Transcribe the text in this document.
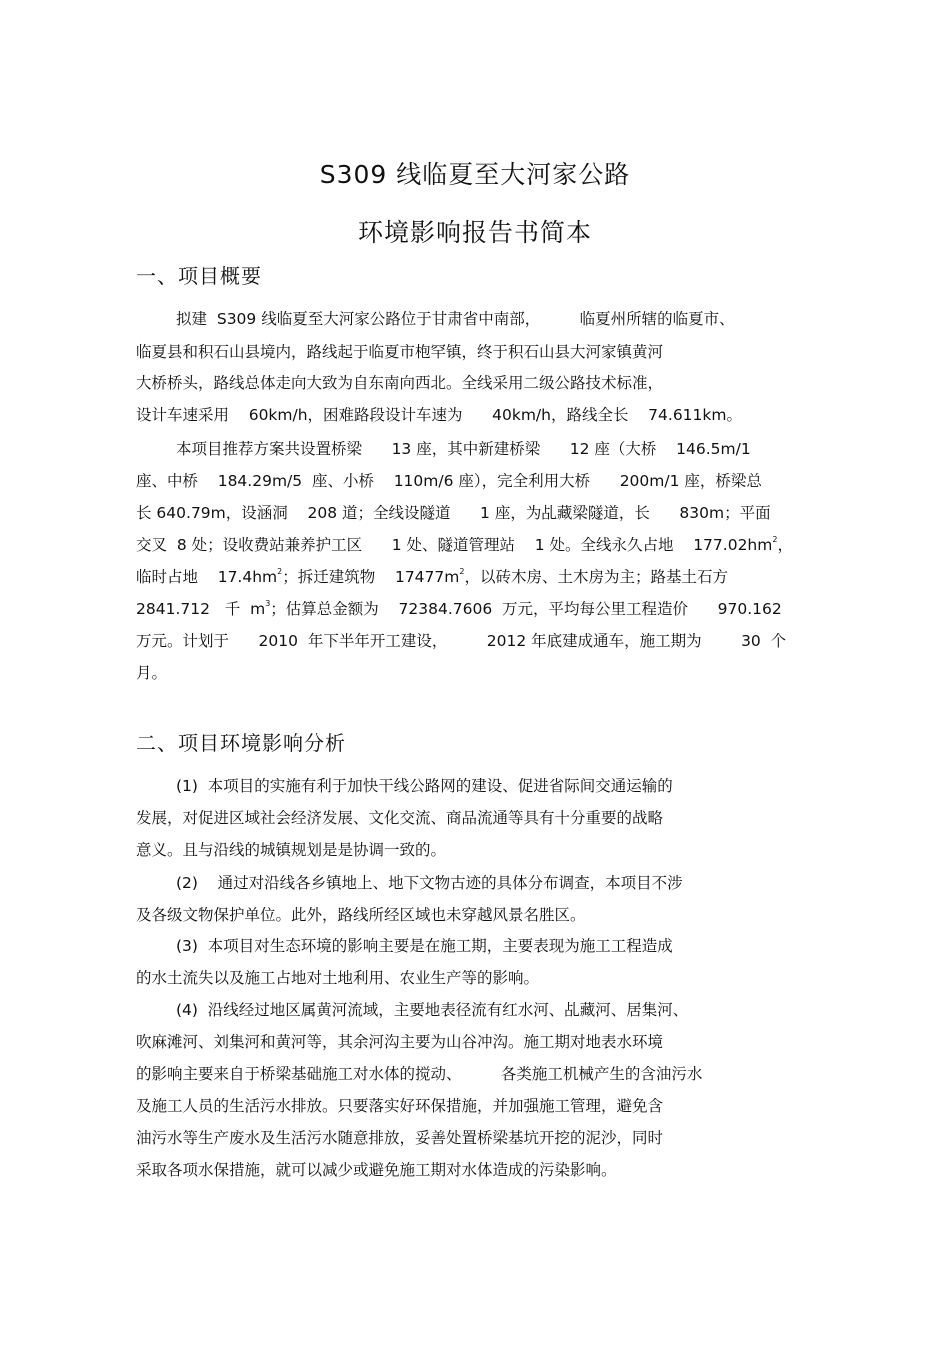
S309 线临夏至大河家公路
环境影响报告书简本
一、项目概要
拟建  S309 线临夏至大河家公路位于甘肃省中南部，        临夏州所辖的临夏市、
临夏县和积石山县境内，路线起于临夏市枹罕镇，终于积石山县大河家镇黄河
大桥桥头，路线总体走向大致为自东南向西北。全线采用二级公路技术标准，
设计车速采用    60km/h，困难路段设计车速为      40km/h，路线全长    74.611km。
本项目推荐方案共设置桥梁      13 座，其中新建桥梁      12 座（大桥    146.5m/1
座、中桥    184.29m/5  座、小桥    110m/6 座），完全利用大桥      200m/1 座，桥梁总
长 640.79m，设涵洞    208 道；全线设隧道      1 座，为乩藏梁隧道，长      830m；平面
交叉  8 处；设收费站兼养护工区      1 处、隧道管理站    1 处。全线永久占地    $177.02hm^2$，
临时占地    $17.4hm^2$；拆迁建筑物    $17477m^2$，以砖木房、土木房为主；路基土石方
2841.712   千  $m^3$；估算总金额为    72384.7606  万元，平均每公里工程造价      970.162
万元。计划于      2010  年下半年开工建设，        2012 年底建成通车，施工期为        30  个
月。
二、项目环境影响分析
(1)  本项目的实施有利于加快干线公路网的建设、促进省际间交通运输的
发展，对促进区域社会经济发展、文化交流、商品流通等具有十分重要的战略
意义。且与沿线的城镇规划是是协调一致的。
(2)    通过对沿线各乡镇地上、地下文物古迹的具体分布调查，本项目不涉
及各级文物保护单位。此外，路线所经区域也未穿越风景名胜区。
(3)  本项目对生态环境的影响主要是在施工期，主要表现为施工工程造成
的水土流失以及施工占地对土地利用、农业生产等的影响。
(4)  沿线经过地区属黄河流域，主要地表径流有红水河、乩藏河、居集河、
吹麻滩河、刘集河和黄河等，其余河沟主要为山谷冲沟。施工期对地表水环境
的影响主要来自于桥梁基础施工对水体的搅动、        各类施工机械产生的含油污水
及施工人员的生活污水排放。只要落实好环保措施，并加强施工管理，避免含
油污水等生产废水及生活污水随意排放，妥善处置桥梁基坑开挖的泥沙，同时
采取各项水保措施，就可以减少或避免施工期对水体造成的污染影响。
